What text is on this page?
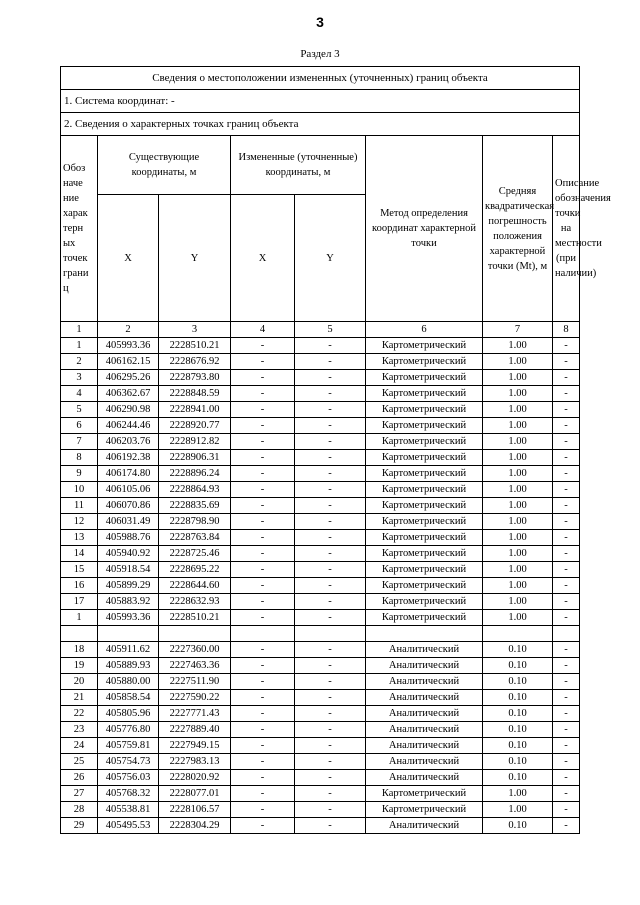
3
Раздел 3
Сведения о местоположении измененных (уточненных) границ объекта							
1. Система координат: -							
2. Сведения о характерных точках границ объекта							
Обоз наче ние харак терн ых точек грани ц	Существующие координаты, м		Измененные (уточненные) координаты, м		Метод определения координат характерной точки	Средняя квадратическая погрешность положения характерной точки (Mt), м	Описание обозначения точки на местности (при наличии)
	X	Y	X	Y			
1	2	3	4	5	6	7	8
1	405993.36	2228510.21	-	-	Картометрический	1.00	-
2	406162.15	2228676.92	-	-	Картометрический	1.00	-
3	406295.26	2228793.80	-	-	Картометрический	1.00	-
4	406362.67	2228848.59	-	-	Картометрический	1.00	-
5	406290.98	2228941.00	-	-	Картометрический	1.00	-
6	406244.46	2228920.77	-	-	Картометрический	1.00	-
7	406203.76	2228912.82	-	-	Картометрический	1.00	-
8	406192.38	2228906.31	-	-	Картометрический	1.00	-
9	406174.80	2228896.24	-	-	Картометрический	1.00	-
10	406105.06	2228864.93	-	-	Картометрический	1.00	-
11	406070.86	2228835.69	-	-	Картометрический	1.00	-
12	406031.49	2228798.90	-	-	Картометрический	1.00	-
13	405988.76	2228763.84	-	-	Картометрический	1.00	-
14	405940.92	2228725.46	-	-	Картометрический	1.00	-
15	405918.54	2228695.22	-	-	Картометрический	1.00	-
16	405899.29	2228644.60	-	-	Картометрический	1.00	-
17	405883.92	2228632.93	-	-	Картометрический	1.00	-
1	405993.36	2228510.21	-	-	Картометрический	1.00	-

18	405911.62	2227360.00	-	-	Аналитический	0.10	-
19	405889.93	2227463.36	-	-	Аналитический	0.10	-
20	405880.00	2227511.90	-	-	Аналитический	0.10	-
21	405858.54	2227590.22	-	-	Аналитический	0.10	-
22	405805.96	2227771.43	-	-	Аналитический	0.10	-
23	405776.80	2227889.40	-	-	Аналитический	0.10	-
24	405759.81	2227949.15	-	-	Аналитический	0.10	-
25	405754.73	2227983.13	-	-	Аналитический	0.10	-
26	405756.03	2228020.92	-	-	Аналитический	0.10	-
27	405768.32	2228077.01	-	-	Картометрический	1.00	-
28	405538.81	2228106.57	-	-	Картометрический	1.00	-
29	405495.53	2228304.29	-	-	Аналитический	0.10	-
